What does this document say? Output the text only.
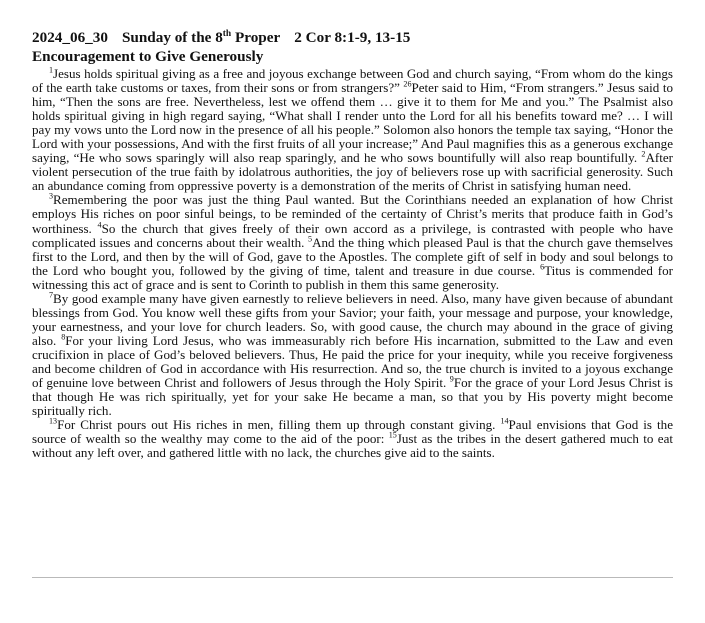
2024_06_30 Sunday of the 8th Proper 2 Cor 8:1-9, 13-15
Encouragement to Give Generously

$^1$Jesus holds spiritual giving as a free and joyous exchange between God and church saying, “From whom do the kings of the earth take customs or taxes, from their sons or from strangers?” $^{26}$Peter said to Him, “From strangers.” Jesus said to him, “Then the sons are free. Nevertheless, lest we offend them … give it to them for Me and you.” The Psalmist also holds spiritual giving in high regard saying, “What shall I render unto the Lord for all his benefits toward me? … I will pay my vows unto the Lord now in the presence of all his people.” Solomon also honors the temple tax saying, “Honor the Lord with your possessions, And with the first fruits of all your increase;” And Paul magnifies this as a generous exchange saying, “He who sows sparingly will also reap sparingly, and he who sows bountifully will also reap bountifully. $^2$After violent persecution of the true faith by idolatrous authorities, the joy of believers rose up with sacrificial generosity. Such an abundance coming from oppressive poverty is a demonstration of the merits of Christ in satisfying human need.

$^3$Remembering the poor was just the thing Paul wanted. But the Corinthians needed an explanation of how Christ employs His riches on poor sinful beings, to be reminded of the certainty of Christ’s merits that produce faith in God’s worthiness. $^4$So the church that gives freely of their own accord as a privilege, is contrasted with people who have complicated issues and concerns about their wealth. $^5$And the thing which pleased Paul is that the church gave themselves first to the Lord, and then by the will of God, gave to the Apostles. The complete gift of self in body and soul belongs to the Lord who bought you, followed by the giving of time, talent and treasure in due course. $^6$Titus is commended for witnessing this act of grace and is sent to Corinth to publish in them this same generosity.

$^7$By good example many have given earnestly to relieve believers in need. Also, many have given because of abundant blessings from God. You know well these gifts from your Savior; your faith, your message and purpose, your knowledge, your earnestness, and your love for church leaders. So, with good cause, the church may abound in the grace of giving also. $^8$For your living Lord Jesus, who was immeasurably rich before His incarnation, submitted to the Law and even crucifixion in place of God’s beloved believers. Thus, He paid the price for your inequity, while you receive forgiveness and become children of God in accordance with His resurrection. And so, the true church is invited to a joyous exchange of genuine love between Christ and followers of Jesus through the Holy Spirit. $^9$For the grace of your Lord Jesus Christ is that though He was rich spiritually, yet for your sake He became a man, so that you by His poverty might become spiritually rich.

$^{13}$For Christ pours out His riches in men, filling them up through constant giving. $^{14}$Paul envisions that God is the source of wealth so the wealthy may come to the aid of the poor: $^{15}$Just as the tribes in the desert gathered much to eat without any left over, and gathered little with no lack, the churches give aid to the saints.
